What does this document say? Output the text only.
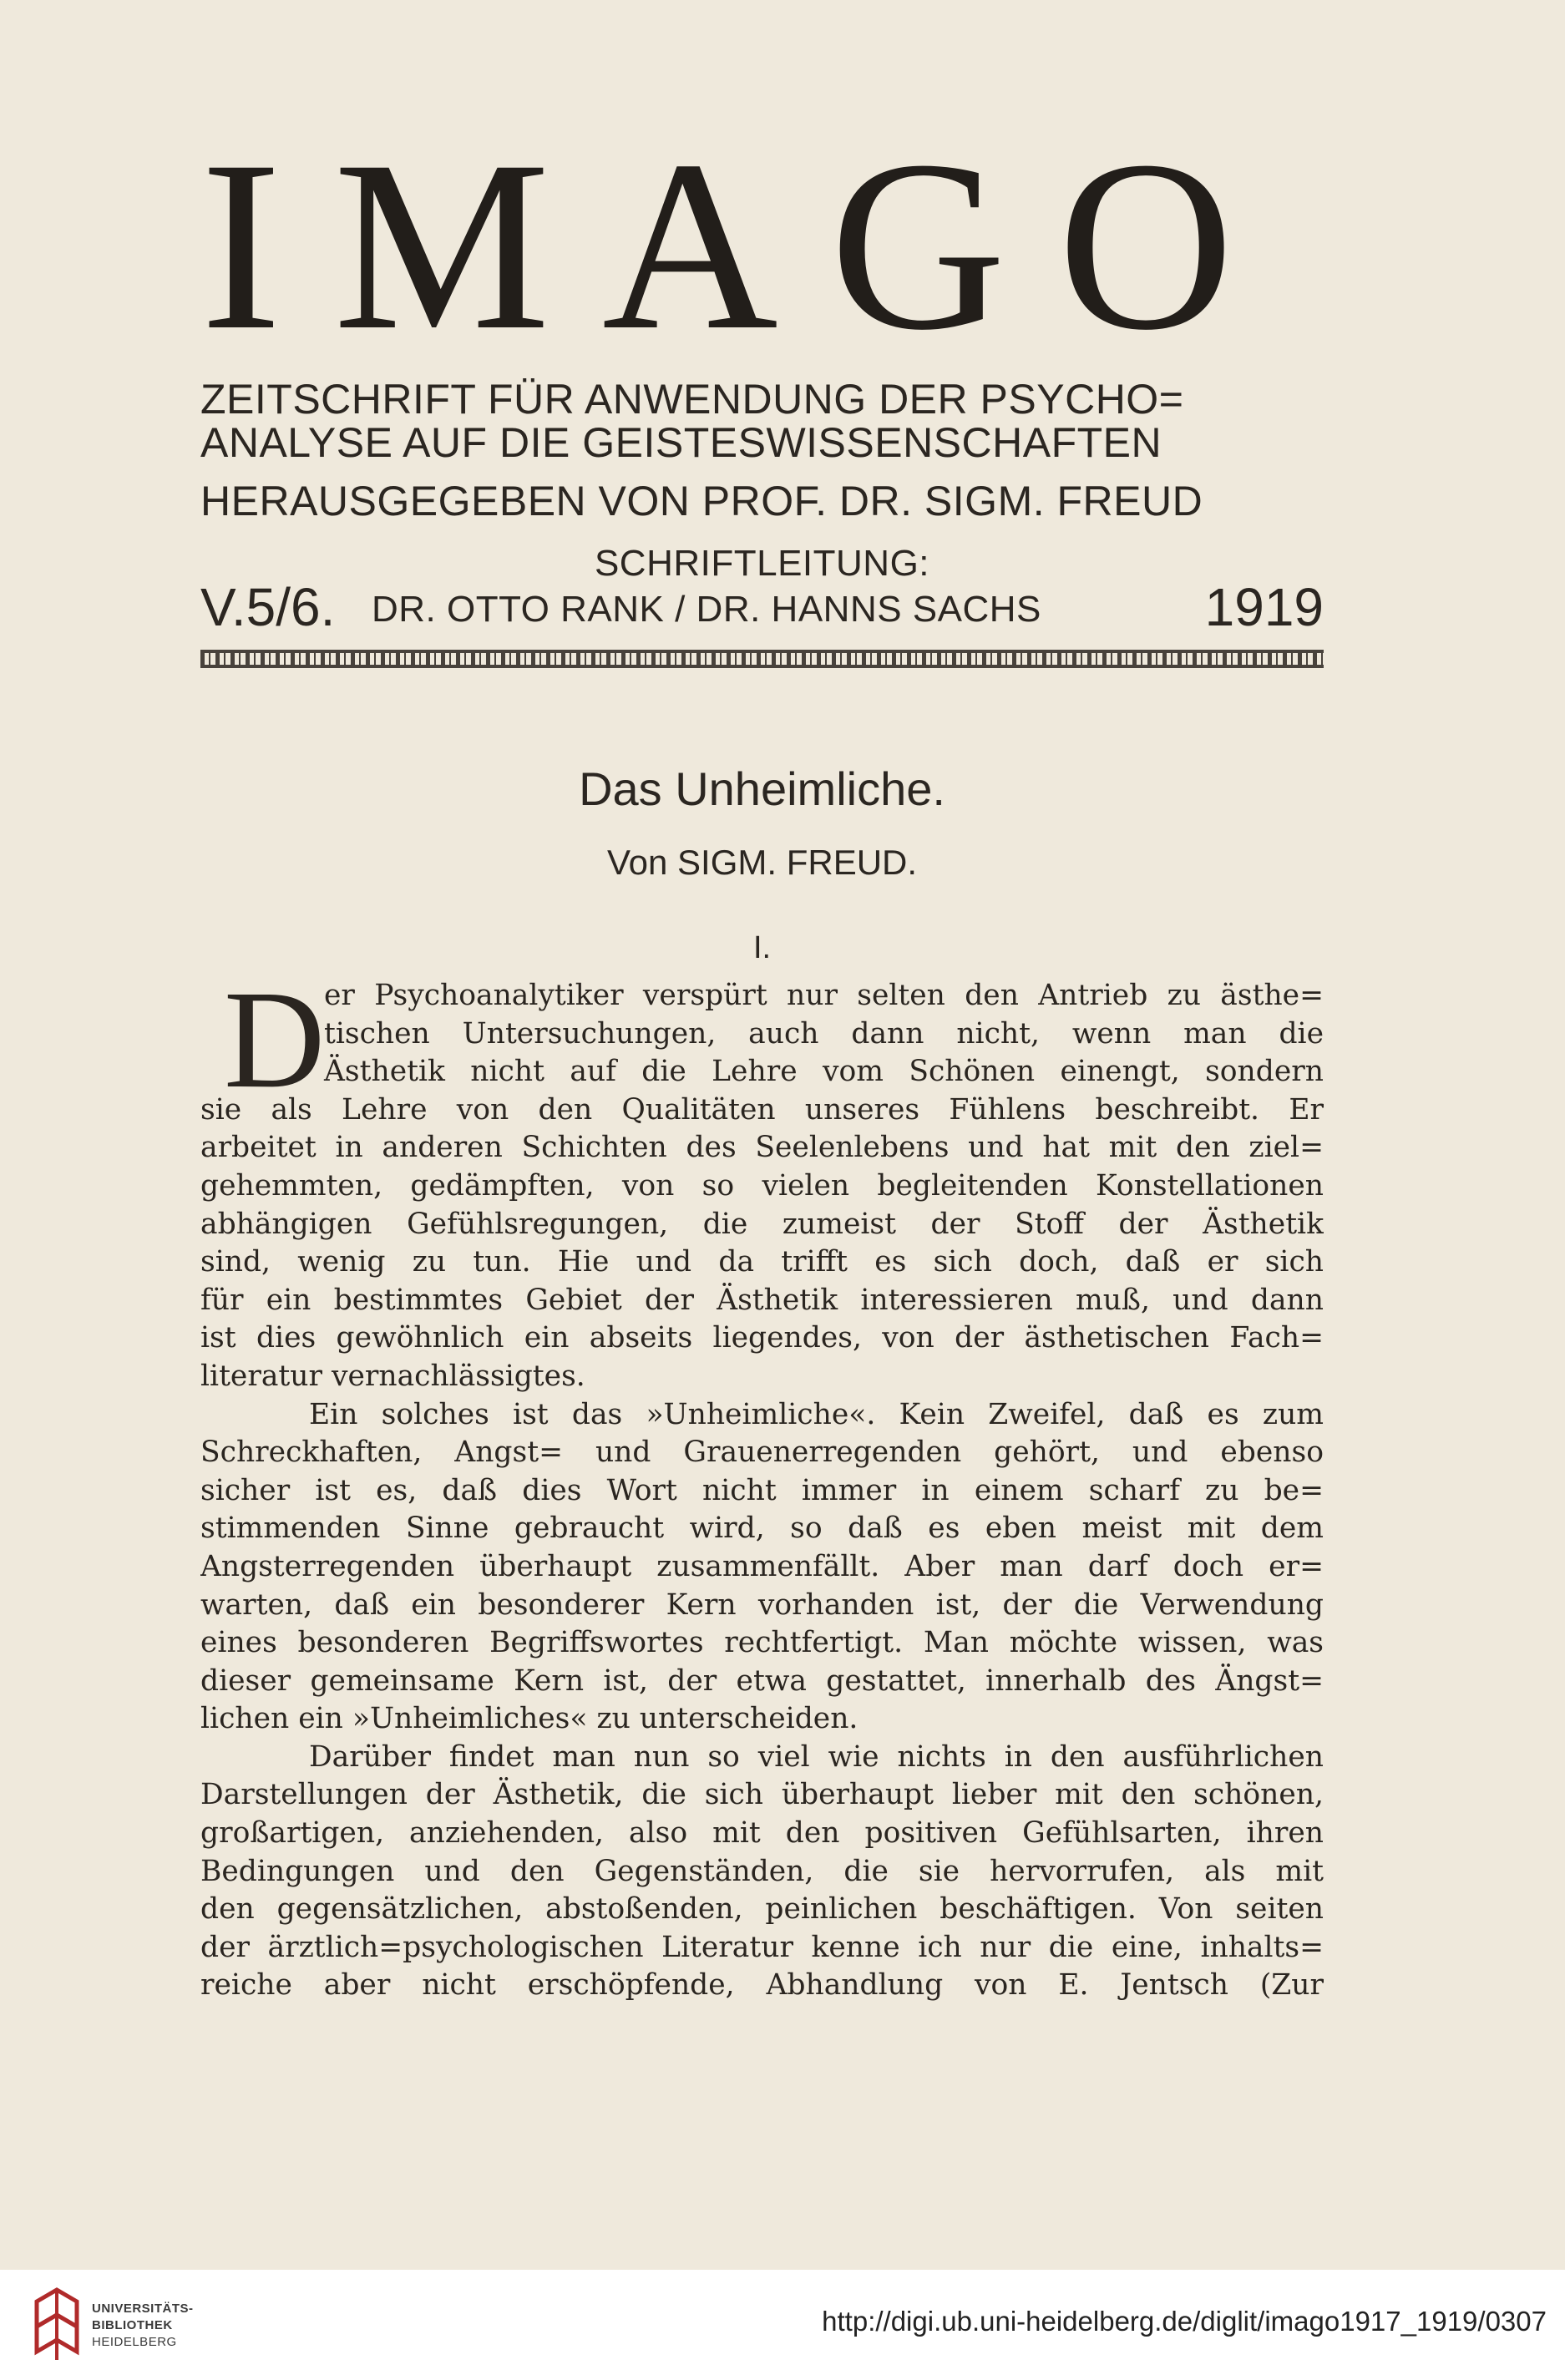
IMAGO
ZEITSCHRIFT FÜR ANWENDUNG DER PSYCHO=
ANALYSE AUF DIE GEISTESWISSENSCHAFTEN
HERAUSGEGEBEN VON PROF. DR. SIGM. FREUD
SCHRIFTLEITUNG:
V.5/6. DR. OTTO RANK / DR. HANNS SACHS	1919
Das Unheimliche.
Von SIGM. FREUD.
I.
D
er Psychoanalytiker verspürt nur selten den Antrieb zu ästhe=
tischen Untersuchungen, auch dann nicht, wenn man die
Ästhetik nicht auf die Lehre vom Schönen einengt, sondern
sie als Lehre von den Qualitäten unseres Fühlens beschreibt. Er
arbeitet in anderen Schichten des Seelenlebens und hat mit den ziel=
gehemmten, gedämpften, von so vielen begleitenden Konstellationen
abhängigen Gefühlsregungen, die zumeist der Stoff der Ästhetik
sind, wenig zu tun. Hie und da trifft es sich doch, daß er sich
für ein bestimmtes Gebiet der Ästhetik interessieren muß, und dann
ist dies gewöhnlich ein abseits liegendes, von der ästhetischen Fach=
literatur vernachlässigtes.
Ein solches ist das »Unheimliche«. Kein Zweifel, daß es zum
Schreckhaften, Angst= und Grauenerregenden gehört, und ebenso
sicher ist es, daß dies Wort nicht immer in einem scharf zu be=
stimmenden Sinne gebraucht wird, so daß es eben meist mit dem
Angsterregenden überhaupt zusammenfällt. Aber man darf doch er=
warten, daß ein besonderer Kern vorhanden ist, der die Verwendung
eines besonderen Begriffswortes rechtfertigt. Man möchte wissen, was
dieser gemeinsame Kern ist, der etwa gestattet, innerhalb des Ängst=
lichen ein »Unheimliches« zu unterscheiden.
Darüber findet man nun so viel wie nichts in den ausführlichen
Darstellungen der Ästhetik, die sich überhaupt lieber mit den schönen,
großartigen, anziehenden, also mit den positiven Gefühlsarten, ihren
Bedingungen und den Gegenständen, die sie hervorrufen, als mit
den gegensätzlichen, abstoßenden, peinlichen beschäftigen. Von seiten
der ärztlich=psychologischen Literatur kenne ich nur die eine, inhalts=
reiche aber nicht erschöpfende, Abhandlung von E. Jentsch (Zur
UNIVERSITÄTS-
BIBLIOTHEK
HEIDELBERG
http://digi.ub.uni-heidelberg.de/diglit/imago1917_1919/0307
